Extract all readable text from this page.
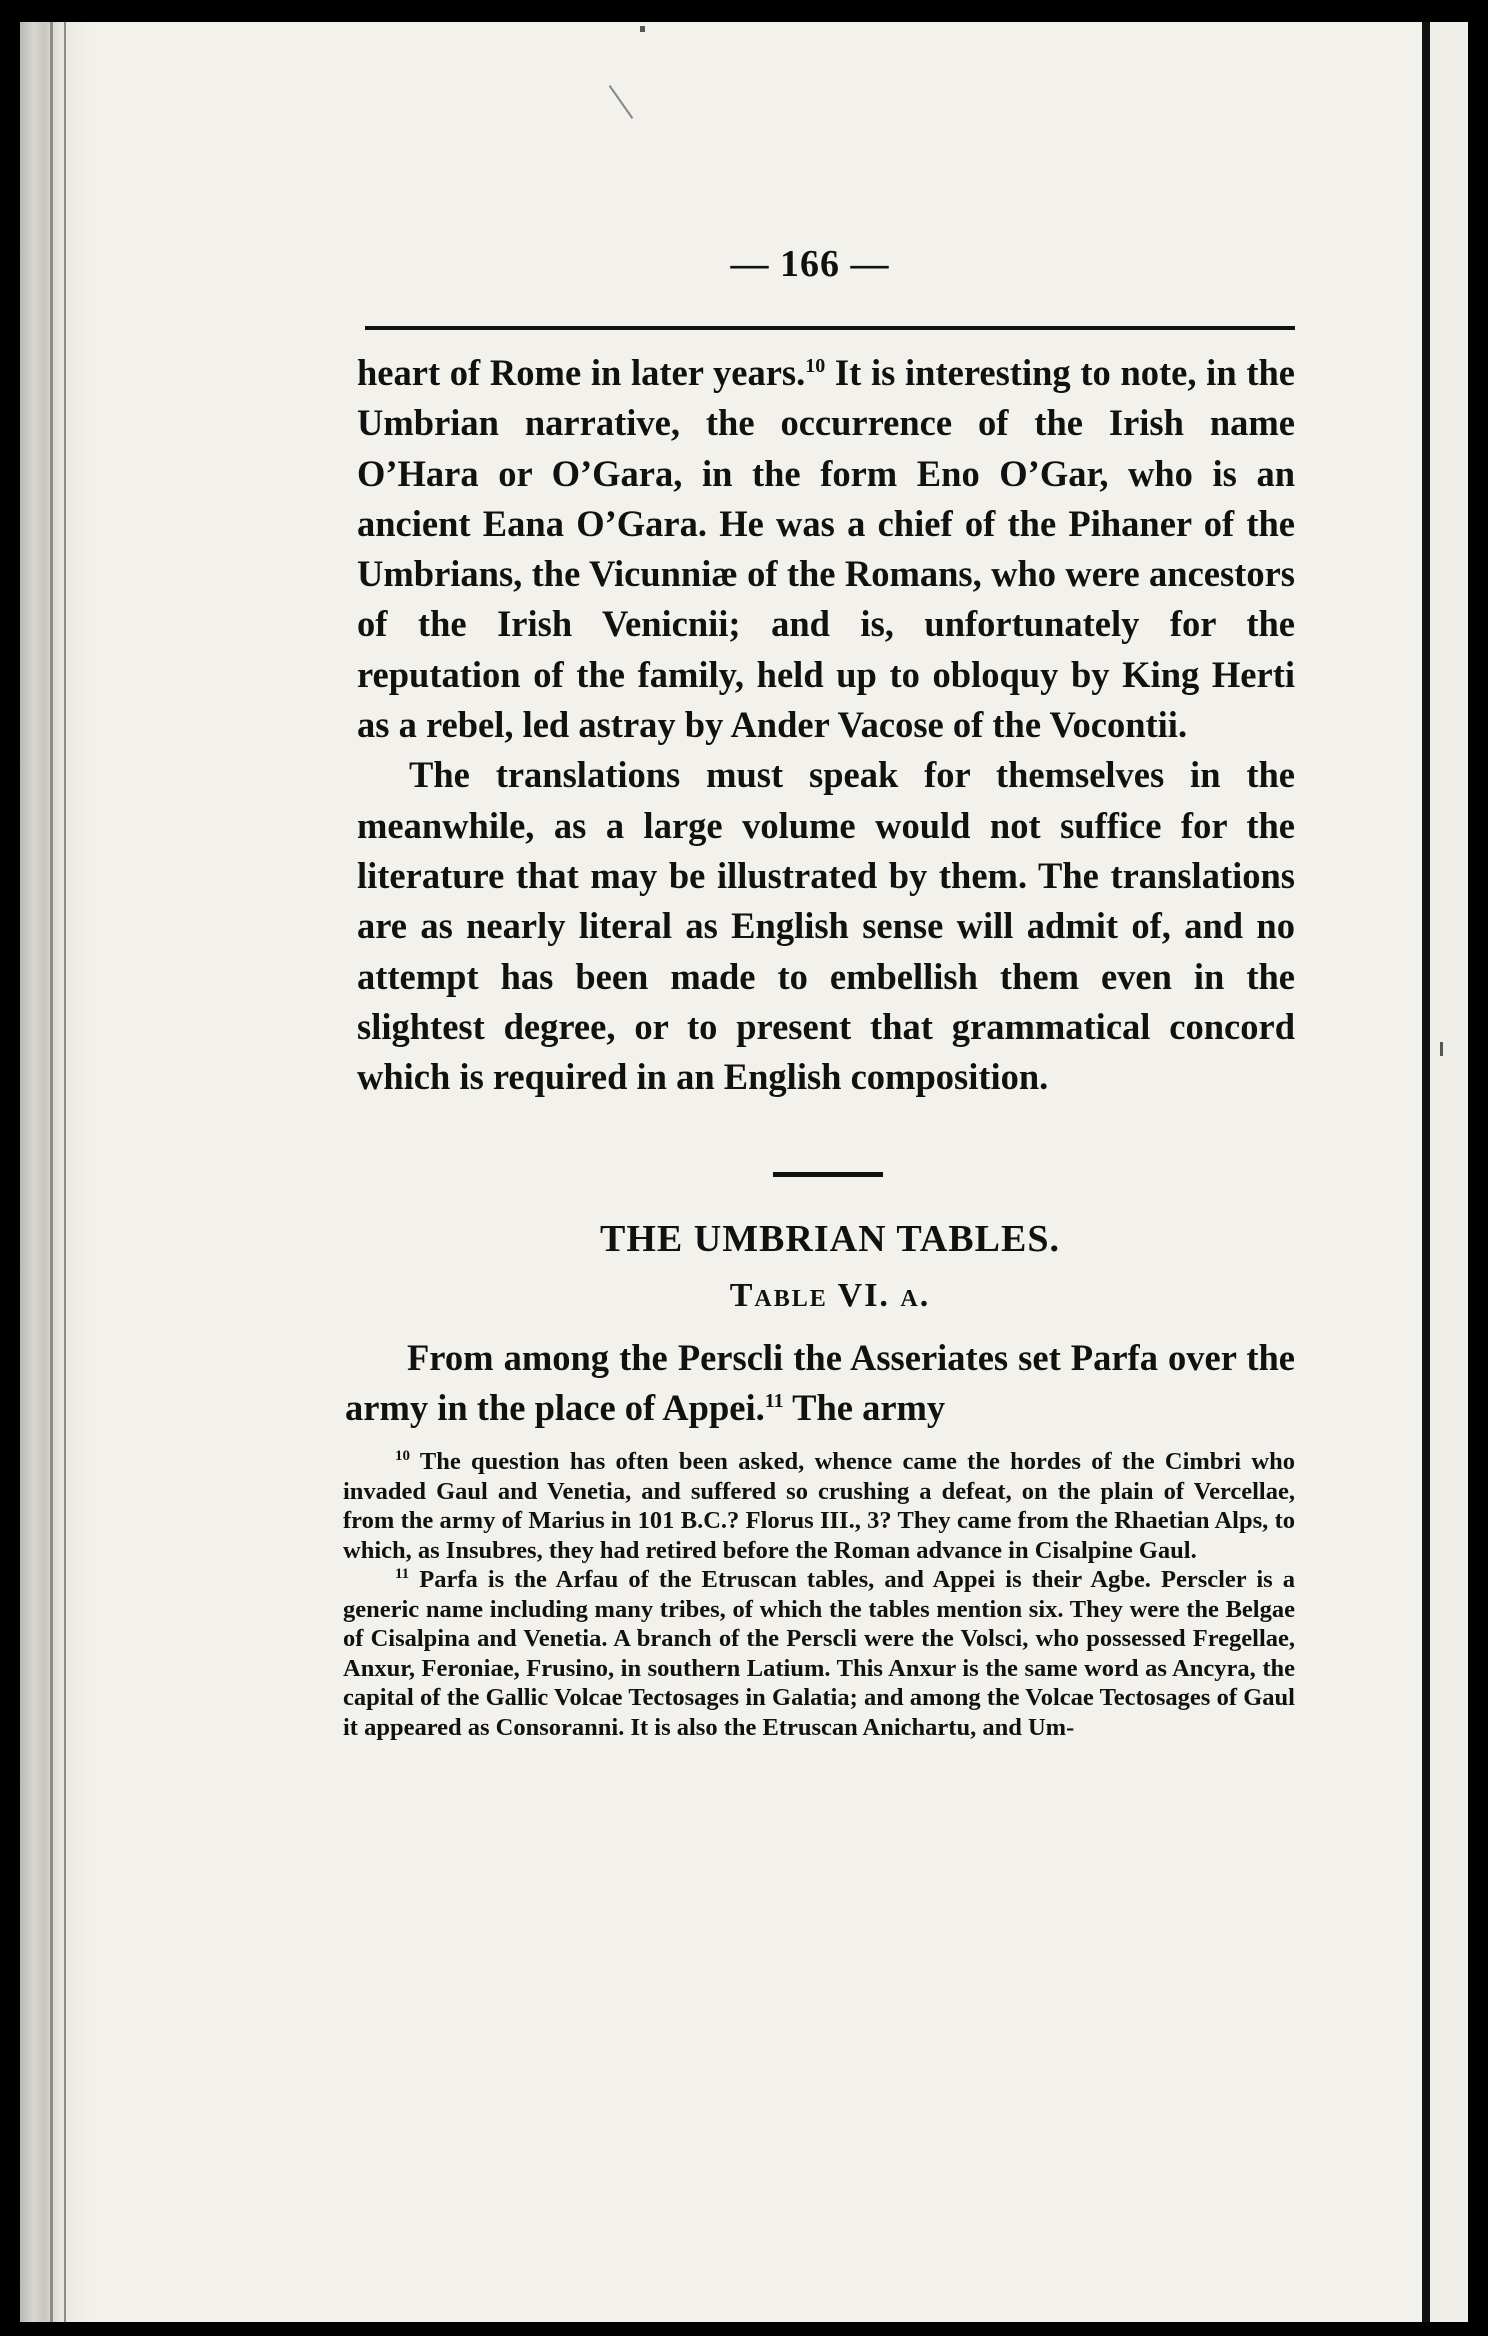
— 166 —

heart of Rome in later years.$^{10}$ It is interesting to note, in the Umbrian narrative, the occurrence of the Irish name O’Hara or O’Gara, in the form Eno O’Gar, who is an ancient Eana O’Gara. He was a chief of the Pihaner of the Umbrians, the Vicunniæ of the Romans, who were ancestors of the Irish Venicnii; and is, unfortunately for the reputation of the family, held up to obloquy by King Herti as a rebel, led astray by Ander Vacose of the Vocontii.

The translations must speak for themselves in the meanwhile, as a large volume would not suffice for the literature that may be illustrated by them. The translations are as nearly literal as English sense will admit of, and no attempt has been made to embellish them even in the slightest degree, or to present that grammatical concord which is required in an English composition.

THE UMBRIAN TABLES.
Table VI. a.

From among the Perscli the Asseriates set Parfa over the army in the place of Appei.$^{11}$ The army

$^{10}$ The question has often been asked, whence came the hordes of the Cimbri who invaded Gaul and Venetia, and suffered so crushing a defeat, on the plain of Vercellae, from the army of Marius in 101 B.C.? Florus III., 3? They came from the Rhaetian Alps, to which, as Insubres, they had retired before the Roman advance in Cisalpine Gaul.

$^{11}$ Parfa is the Arfau of the Etruscan tables, and Appei is their Agbe. Perscler is a generic name including many tribes, of which the tables mention six. They were the Belgae of Cisalpina and Venetia. A branch of the Perscli were the Volsci, who possessed Fregellae, Anxur, Feroniae, Frusino, in southern Latium. This Anxur is the same word as Ancyra, the capital of the Gallic Volcae Tectosages in Galatia; and among the Volcae Tectosages of Gaul it appeared as Consoranni. It is also the Etruscan Anichartu, and Um-
